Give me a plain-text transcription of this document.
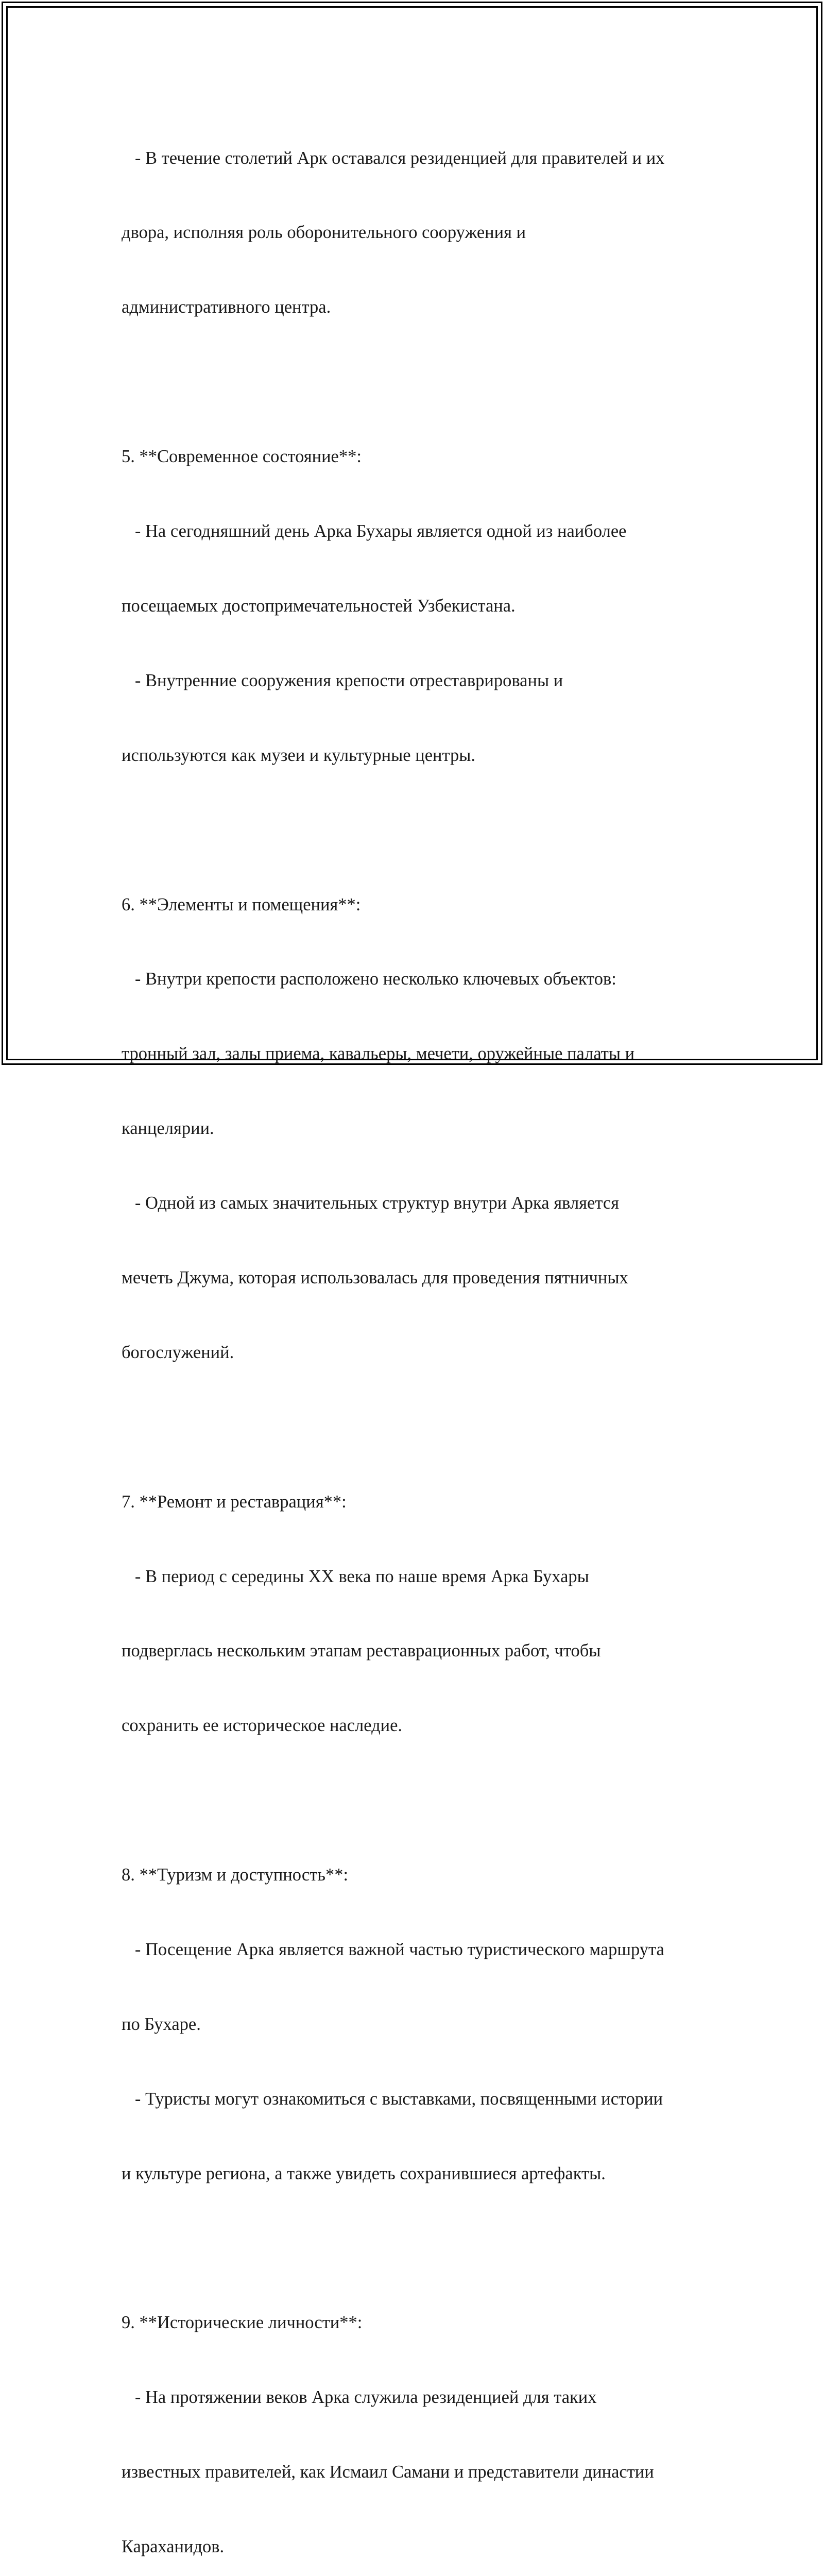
- В течение столетий Арк оставался резиденцией для правителей и их

двора, исполняя роль оборонительного сооружения и

административного центра.

5. **Современное состояние**:

- На сегодняшний день Арка Бухары является одной из наиболее

посещаемых достопримечательностей Узбекистана.

- Внутренние сооружения крепости отреставрированы и

используются как музеи и культурные центры.

6. **Элементы и помещения**:

- Внутри крепости расположено несколько ключевых объектов:

тронный зал, залы приема, кавальеры, мечети, оружейные палаты и

канцелярии.

- Одной из самых значительных структур внутри Арка является

мечеть Джума, которая использовалась для проведения пятничных

богослужений.

7. **Ремонт и реставрация**:

- В период с середины XX века по наше время Арка Бухары

подверглась нескольким этапам реставрационных работ, чтобы

сохранить ее историческое наследие.

8. **Туризм и доступность**:

- Посещение Арка является важной частью туристического маршрута

по Бухаре.

- Туристы могут ознакомиться с выставками, посвященными истории

и культуре региона, а также увидеть сохранившиеся артефакты.

9. **Исторические личности**:

- На протяжении веков Арка служила резиденцией для таких

известных правителей, как Исмаил Самани и представители династии

Караханидов.
